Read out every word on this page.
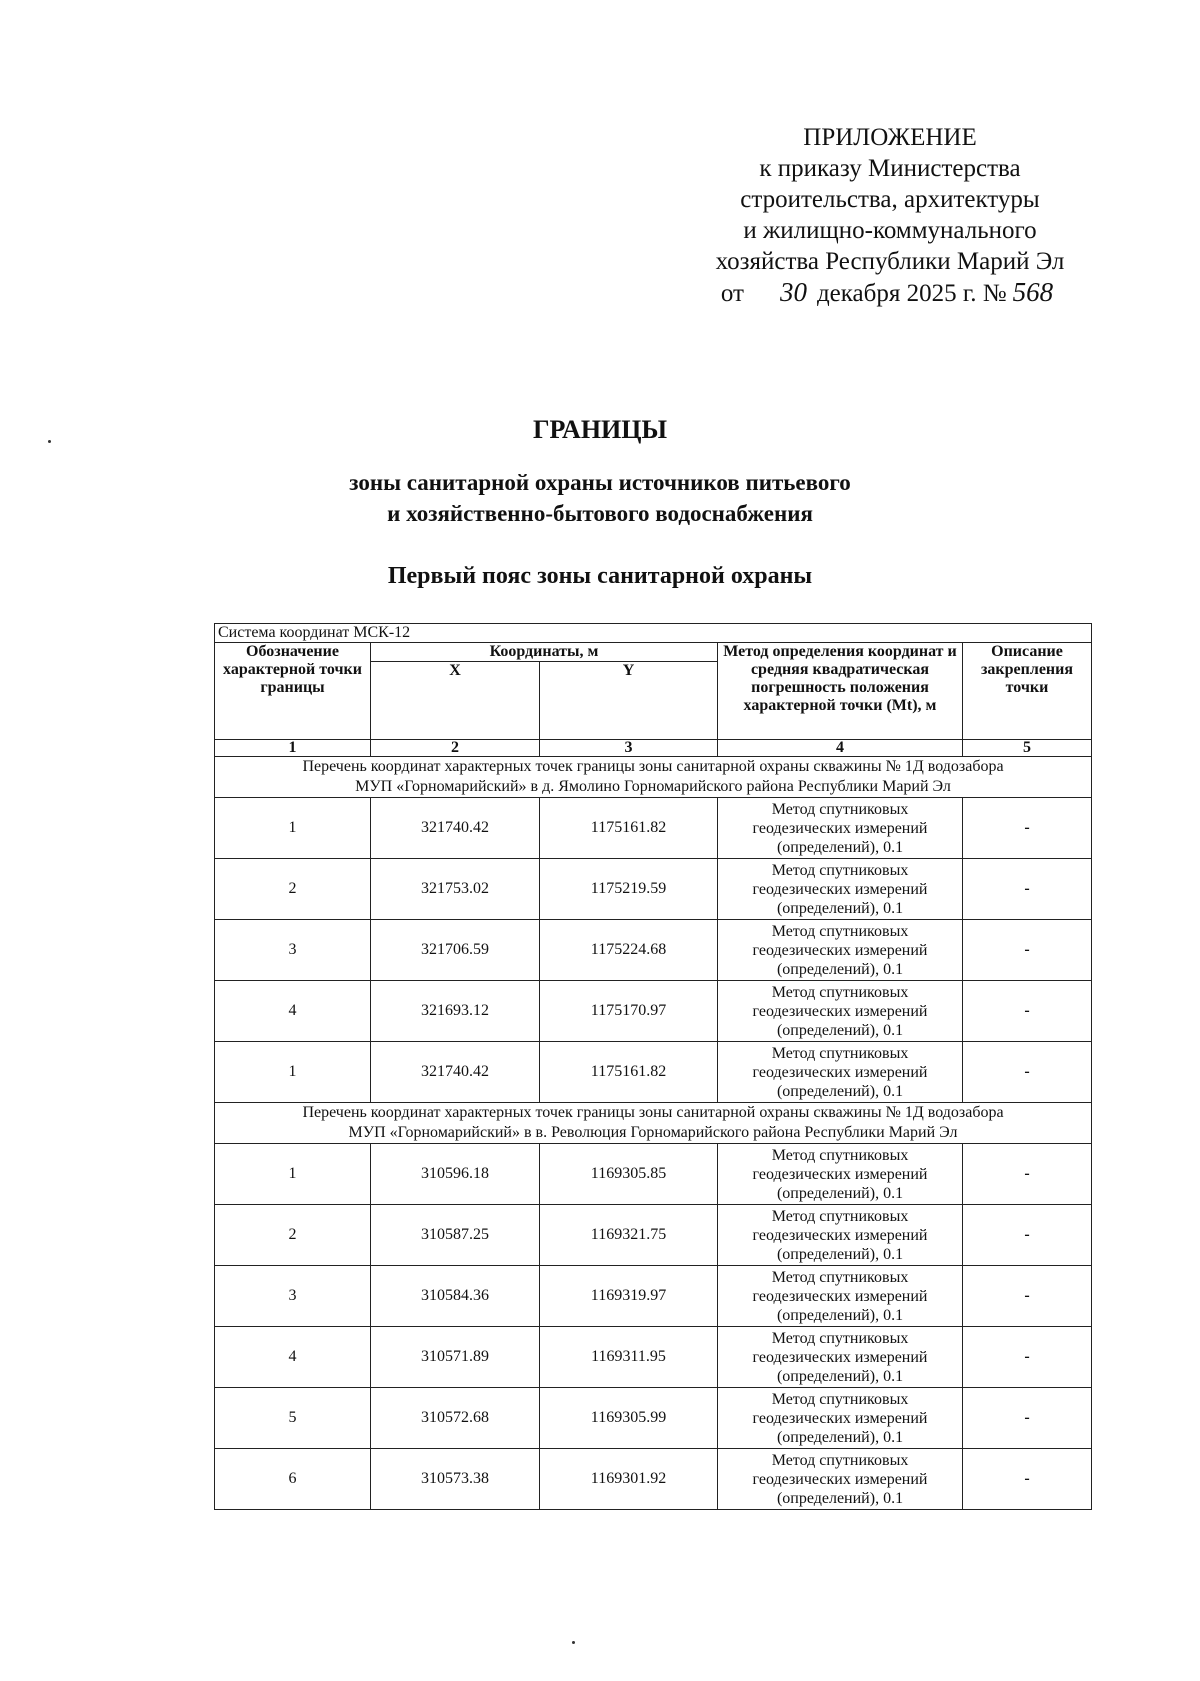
ПРИЛОЖЕНИЕ
к приказу Министерства
строительства, архитектуры
и жилищно-коммунального
хозяйства Республики Марий Эл
от 30 декабря 2025 г. № 568
ГРАНИЦЫ
зоны санитарной охраны источников питьевого
и хозяйственно-бытового водоснабжения
Первый пояс зоны санитарной охраны
Система координат МСК-12				
Обозначение характерной точки границы	Координаты, м		Метод определения координат и средняя квадратическая погрешность положения характерной точки (Mt), м	Описание закрепления точки
	X	Y		
1	2	3	4	5

Перечень координат характерных точек границы зоны санитарной охраны скважины № 1Д водозабора
МУП «Горномарийский» в д. Ямолино Горномарийского района Республики Марий Эл				

1	321740.42	1175161.82	Метод спутниковых геодезических измерений (определений), 0.1	-
2	321753.02	1175219.59	Метод спутниковых геодезических измерений (определений), 0.1	-
3	321706.59	1175224.68	Метод спутниковых геодезических измерений (определений), 0.1	-
4	321693.12	1175170.97	Метод спутниковых геодезических измерений (определений), 0.1	-
1	321740.42	1175161.82	Метод спутниковых геодезических измерений (определений), 0.1	-

Перечень координат характерных точек границы зоны санитарной охраны скважины № 1Д водозабора
МУП «Горномарийский» в в. Революция Горномарийского района Республики Марий Эл				

1	310596.18	1169305.85	Метод спутниковых геодезических измерений (определений), 0.1	-
2	310587.25	1169321.75	Метод спутниковых геодезических измерений (определений), 0.1	-
3	310584.36	1169319.97	Метод спутниковых геодезических измерений (определений), 0.1	-
4	310571.89	1169311.95	Метод спутниковых геодезических измерений (определений), 0.1	-
5	310572.68	1169305.99	Метод спутниковых геодезических измерений (определений), 0.1	-
6	310573.38	1169301.92	Метод спутниковых геодезических измерений (определений), 0.1	-
